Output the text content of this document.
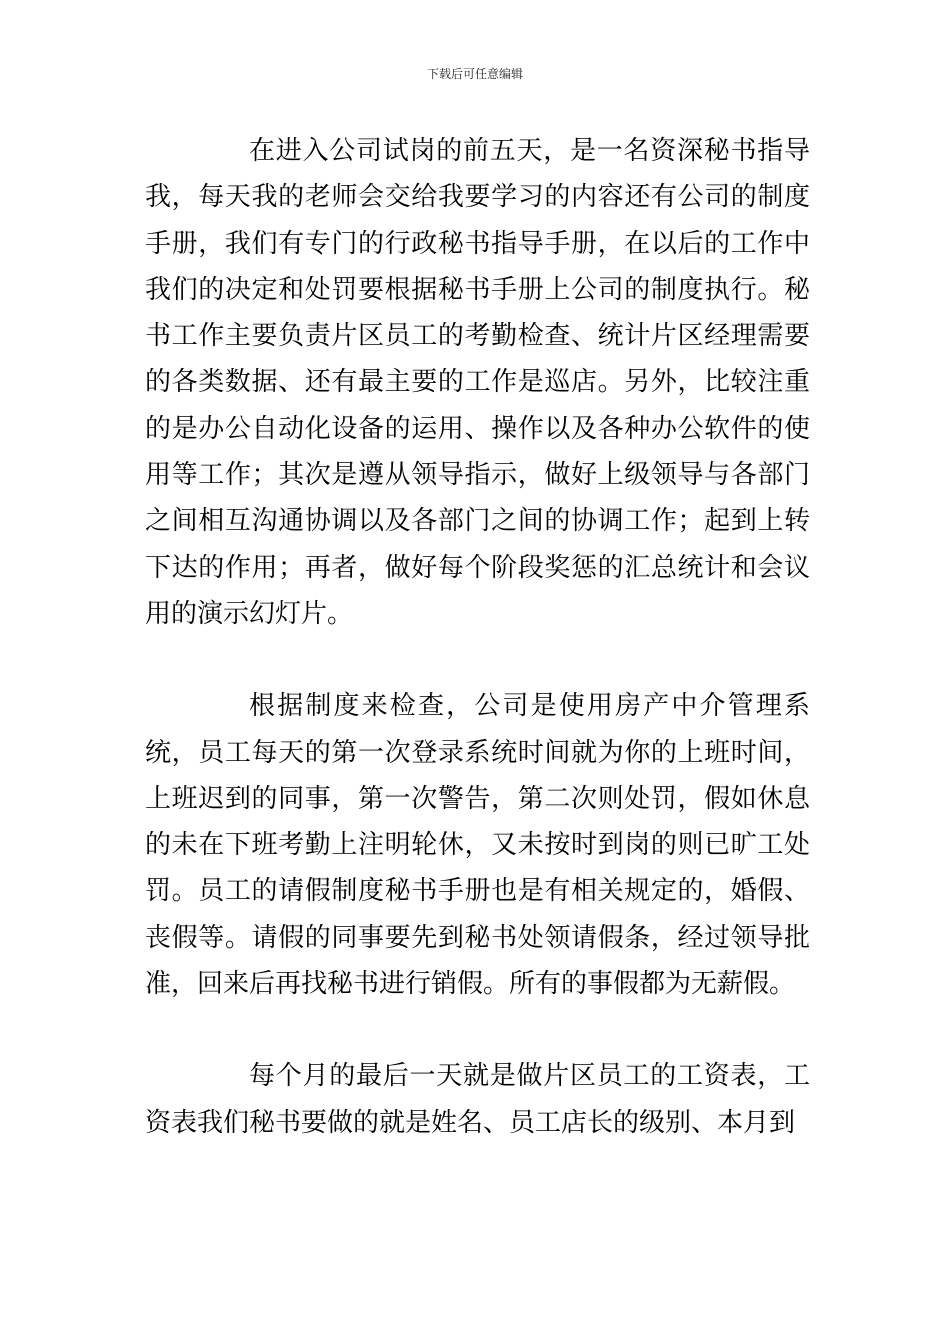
下载后可任意编辑

在进入公司试岗的前五天，是一名资深秘书指导我，每天我的老师会交给我要学习的内容还有公司的制度手册，我们有专门的行政秘书指导手册，在以后的工作中我们的决定和处罚要根据秘书手册上公司的制度执行。秘书工作主要负责片区员工的考勤检查、统计片区经理需要的各类数据、还有最主要的工作是巡店。另外，比较注重的是办公自动化设备的运用、操作以及各种办公软件的使用等工作；其次是遵从领导指示，做好上级领导与各部门之间相互沟通协调以及各部门之间的协调工作；起到上转下达的作用；再者，做好每个阶段奖惩的汇总统计和会议用的演示幻灯片。

根据制度来检查，公司是使用房产中介管理系统，员工每天的第一次登录系统时间就为你的上班时间，上班迟到的同事，第一次警告，第二次则处罚，假如休息的未在下班考勤上注明轮休，又未按时到岗的则已旷工处罚。员工的请假制度秘书手册也是有相关规定的，婚假、丧假等。请假的同事要先到秘书处领请假条，经过领导批准，回来后再找秘书进行销假。所有的事假都为无薪假。

每个月的最后一天就是做片区员工的工资表，工资表我们秘书要做的就是姓名、员工店长的级别、本月到
